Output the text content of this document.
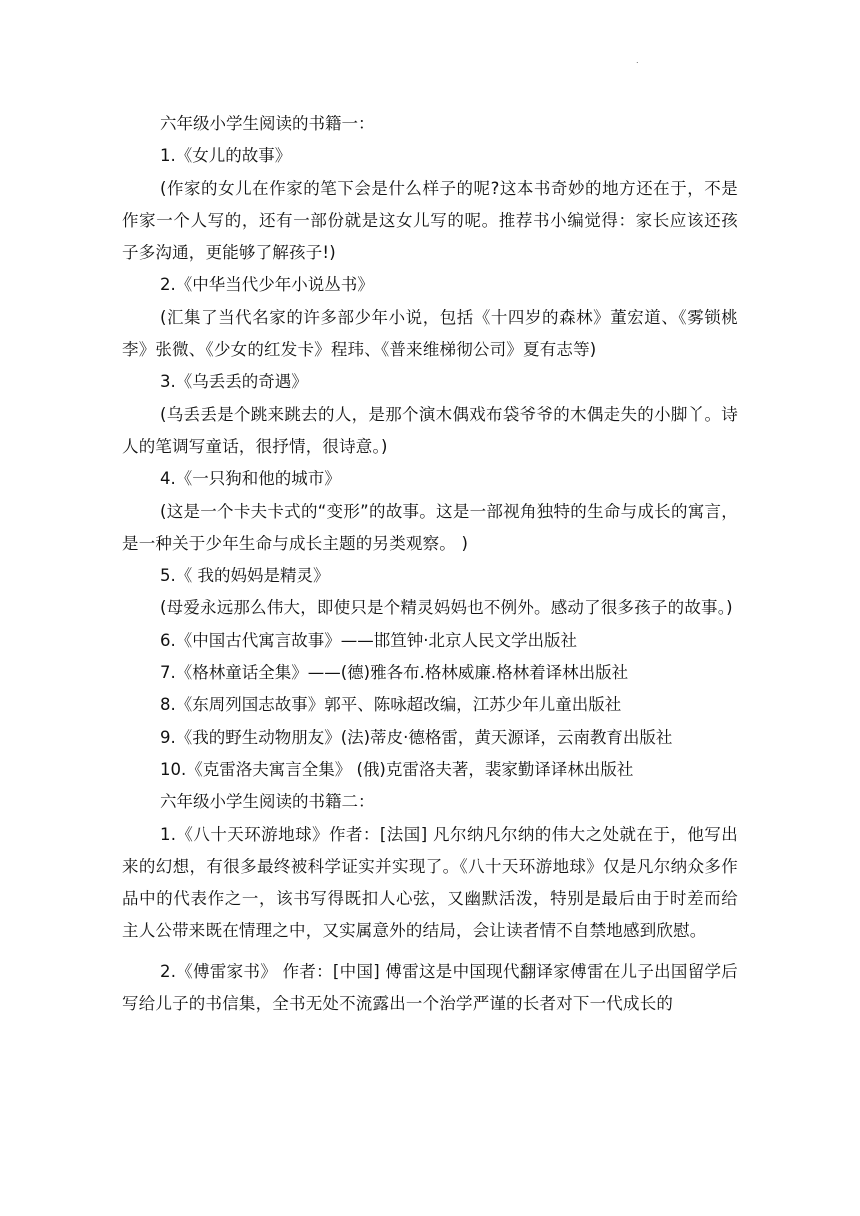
.
六年级小学生阅读的书籍一：
1.《女儿的故事》
(作家的女儿在作家的笔下会是什么样子的呢?这本书奇妙的地方还在于，不是作家一个人写的，还有一部份就是这女儿写的呢。推荐书小编觉得：家长应该还孩子多沟通，更能够了解孩子!)
2.《中华当代少年小说丛书》
(汇集了当代名家的许多部少年小说，包括《十四岁的森林》董宏道、《雾锁桃李》张微、《少女的红发卡》程玮、《普来维梯彻公司》夏有志等)
3.《乌丢丢的奇遇》
(乌丢丢是个跳来跳去的人，是那个演木偶戏布袋爷爷的木偶走失的小脚丫。诗人的笔调写童话，很抒情，很诗意。)
4.《一只狗和他的城市》
(这是一个卡夫卡式的“变形”的故事。这是一部视角独特的生命与成长的寓言，是一种关于少年生命与成长主题的另类观察。 )
5.《 我的妈妈是精灵》
(母爱永远那么伟大，即使只是个精灵妈妈也不例外。感动了很多孩子的故事。)
6.《中国古代寓言故事》——邯笪钟·北京人民文学出版社
7.《格林童话全集》——(德)雅各布.格林威廉.格林着译林出版社
8.《东周列国志故事》郭平、陈咏超改编，江苏少年儿童出版社
9.《我的野生动物朋友》(法)蒂皮·德格雷，黄天源译，云南教育出版社
10.《克雷洛夫寓言全集》 (俄)克雷洛夫著，裴家勤译译林出版社
六年级小学生阅读的书籍二：
1.《八十天环游地球》作者：[法国] 凡尔纳凡尔纳的伟大之处就在于，他写出来的幻想，有很多最终被科学证实并实现了。《八十天环游地球》仅是凡尔纳众多作品中的代表作之一，该书写得既扣人心弦，又幽默活泼，特别是最后由于时差而给主人公带来既在情理之中，又实属意外的结局，会让读者情不自禁地感到欣慰。
2.《傅雷家书》 作者：[中国] 傅雷这是中国现代翻译家傅雷在儿子出国留学后写给儿子的书信集，全书无处不流露出一个治学严谨的长者对下一代成长的
